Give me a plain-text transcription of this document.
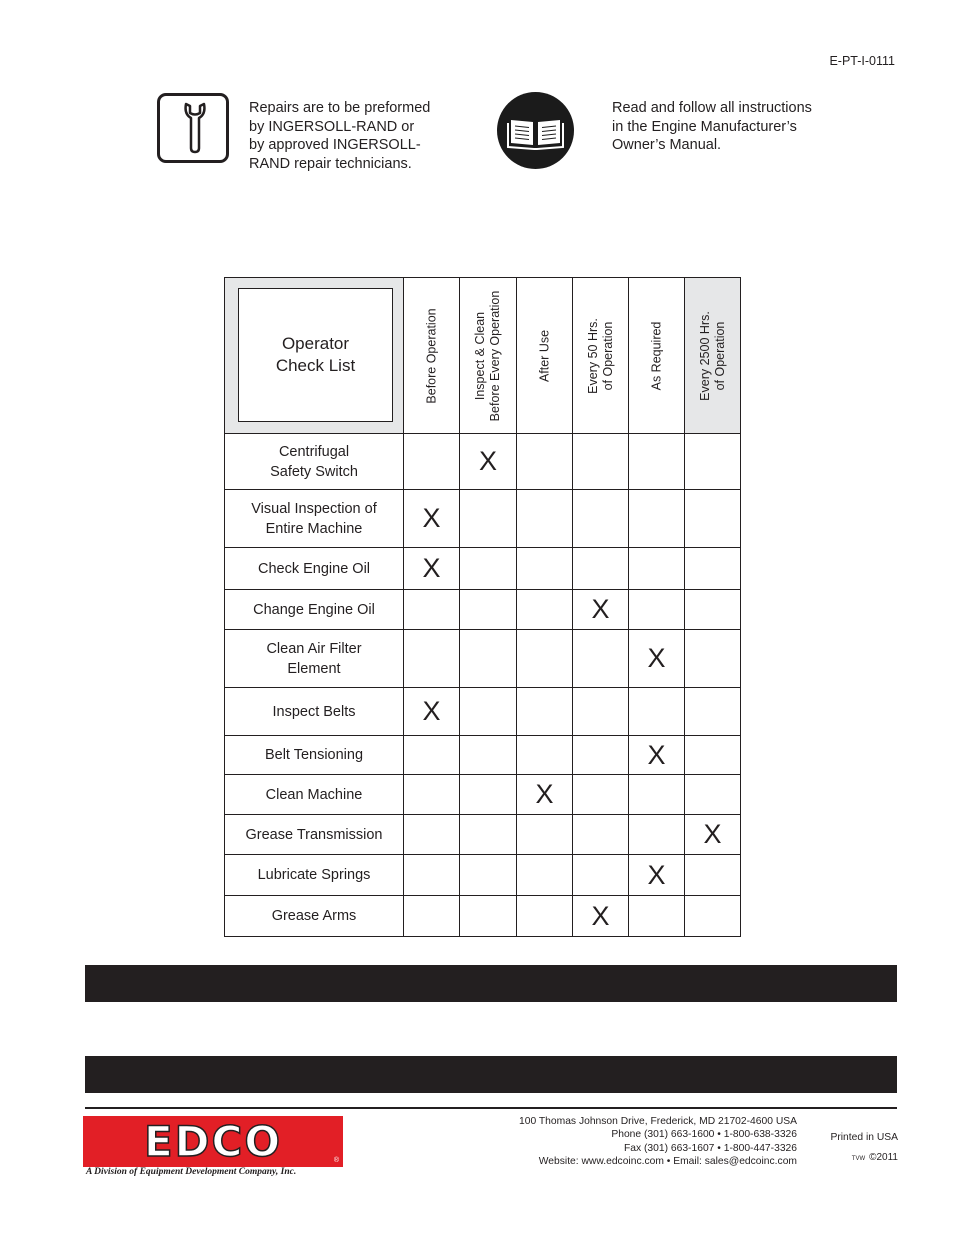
E-PT-I-0111
Repairs are to be preformed
by INGERSOLL-RAND or
by approved INGERSOLL-
RAND repair technicians.
Read and follow all instructions
in the Engine Manufacturer’s
Owner’s Manual.
Operator
Check List	Before Operation	Inspect & Clean Before Every Operation	After Use	Every 50 Hrs. of Operation	As Required	Every 2500 Hrs. of Operation

Centrifugal
Safety Switch		X				

Visual Inspection of
Entire Machine	X					

Check Engine Oil	X					

Change Engine Oil				X		

Clean Air Filter
Element					X	

Inspect Belts	X					

Belt Tensioning					X	

Clean Machine			X			

Grease Transmission						X

Lubricate Springs					X	

Grease Arms				X		
EDCO	®
A Division of Equipment Development Company, Inc.
100 Thomas Johnson Drive, Frederick, MD 21702-4600 USA
Phone (301) 663-1600 • 1-800-638-3326
Fax (301) 663-1607 • 1-800-447-3326
Website: www.edcoinc.com • Email: sales@edcoinc.com
Printed in USA
TVW ©2011
